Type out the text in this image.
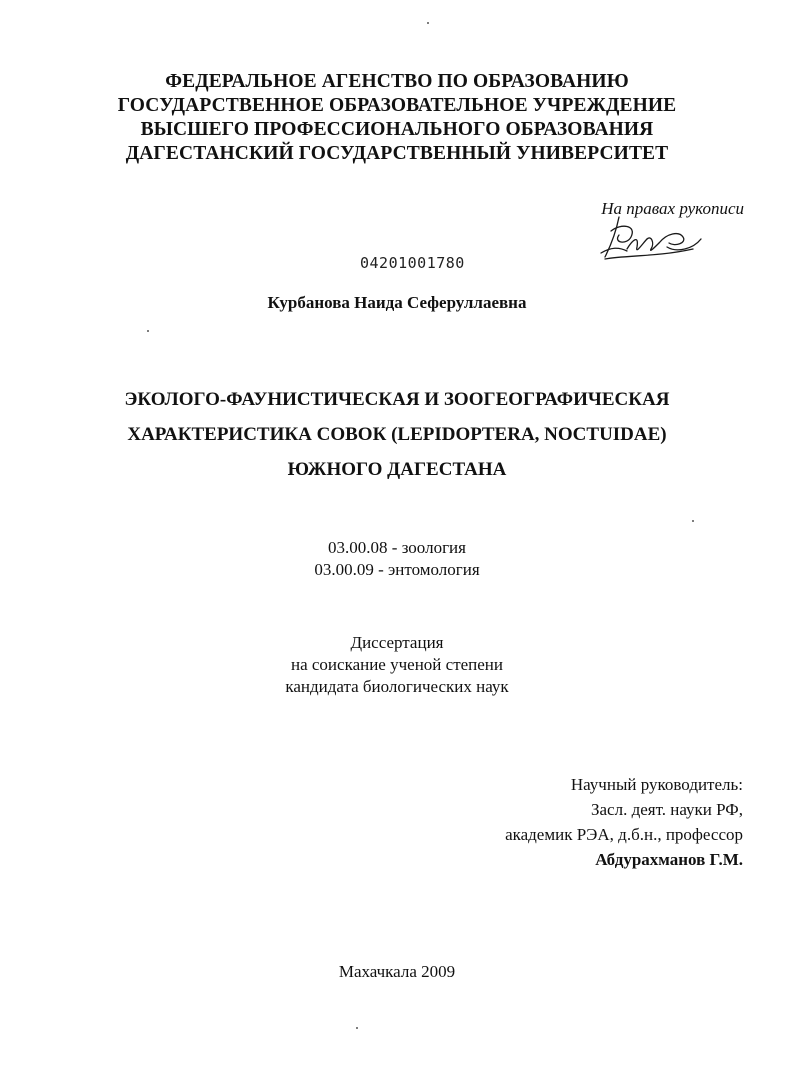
ФЕДЕРАЛЬНОЕ АГЕНСТВО ПО ОБРАЗОВАНИЮ
ГОСУДАРСТВЕННОЕ ОБРАЗОВАТЕЛЬНОЕ УЧРЕЖДЕНИЕ
ВЫСШЕГО ПРОФЕССИОНАЛЬНОГО ОБРАЗОВАНИЯ
ДАГЕСТАНСКИЙ ГОСУДАРСТВЕННЫЙ УНИВЕРСИТЕТ
На правах рукописи
04201001780
Курбанова Наида Сеферуллаевна
ЭКОЛОГО-ФАУНИСТИЧЕСКАЯ И ЗООГЕОГРАФИЧЕСКАЯ
ХАРАКТЕРИСТИКА СОВОК (LEPIDOPTERA, NOCTUIDAE)
ЮЖНОГО ДАГЕСТАНА
03.00.08 - зоология
03.00.09 - энтомология
Диссертация
на соискание ученой степени
кандидата биологических наук
Научный руководитель:
Засл. деят. науки РФ,
академик РЭА, д.б.н., профессор
Абдурахманов Г.М.
Махачкала 2009
